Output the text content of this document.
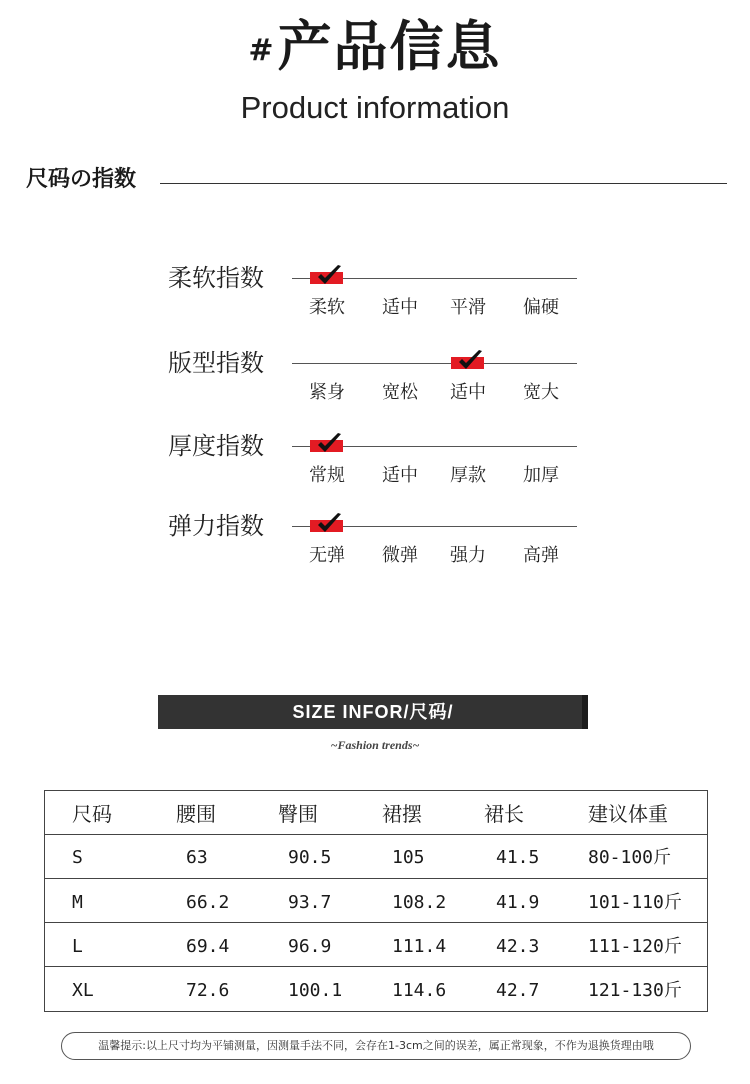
#产品信息
Product information
尺码の指数
柔软指数
柔软	适中	平滑	偏硬
版型指数
紧身	宽松	适中	宽大
厚度指数
常规	适中	厚款	加厚
弹力指数
无弹	微弹	强力	高弹
SIZE INFOR/尺码/
~Fashion trends~
尺码	腰围	臀围	裙摆	裙长	建议体重
S	63	90.5	105	41.5	80-100斤
M	66.2	93.7	108.2	41.9	101-110斤
L	69.4	96.9	111.4	42.3	111-120斤
XL	72.6	100.1	114.6	42.7	121-130斤
温馨提示:以上尺寸均为平铺测量，因测量手法不同，会存在1-3cm之间的误差，属正常现象，不作为退换货理由哦
